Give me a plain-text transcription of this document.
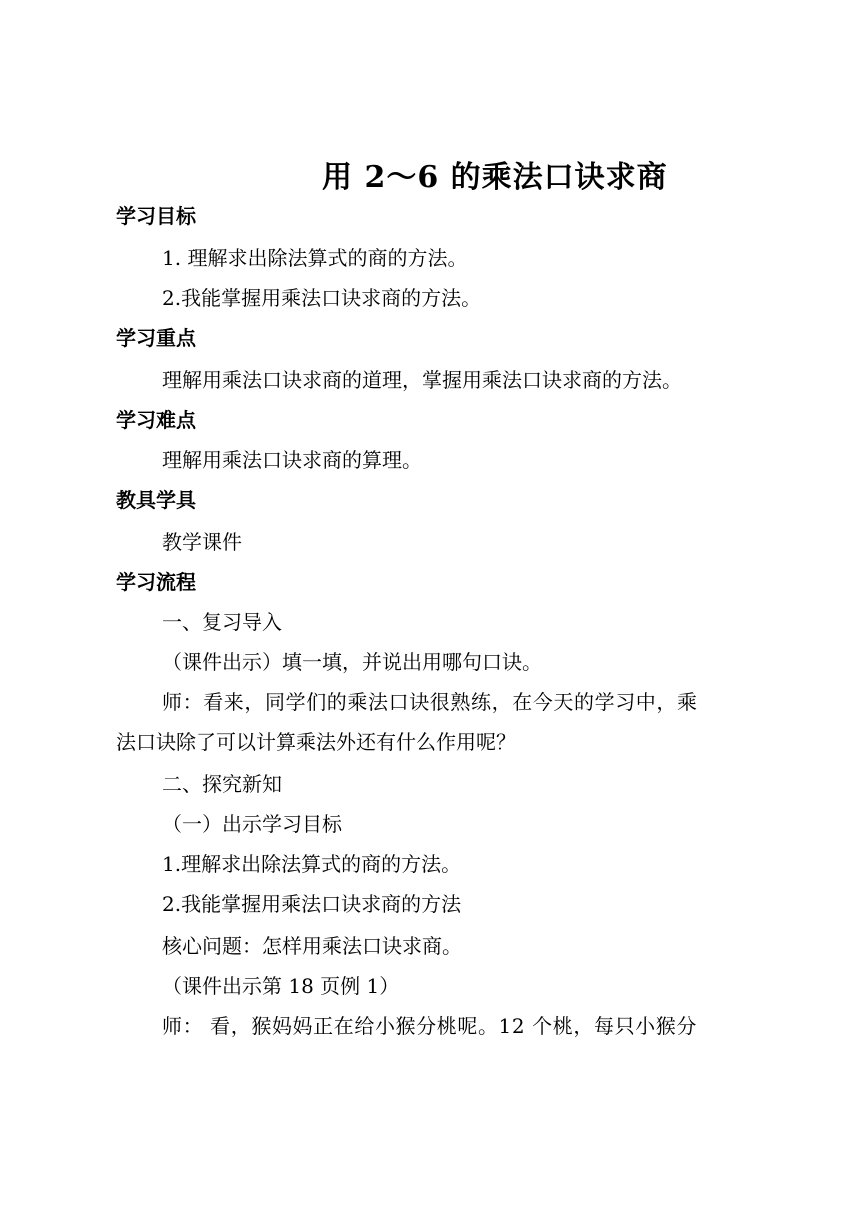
用 2～6 的乘法口诀求商
学习目标
1. 理解求出除法算式的商的方法。
2.我能掌握用乘法口诀求商的方法。
学习重点
理解用乘法口诀求商的道理，掌握用乘法口诀求商的方法。
学习难点
理解用乘法口诀求商的算理。
教具学具
教学课件
学习流程
一、复习导入
（课件出示）填一填，并说出用哪句口诀。
师：看来，同学们的乘法口诀很熟练，在今天的学习中，乘
法口诀除了可以计算乘法外还有什么作用呢？
二、探究新知
（一）出示学习目标
1.理解求出除法算式的商的方法。
2.我能掌握用乘法口诀求商的方法
核心问题：怎样用乘法口诀求商。
（课件出示第 18 页例 1）
师： 看，猴妈妈正在给小猴分桃呢。12 个桃，每只小猴分
